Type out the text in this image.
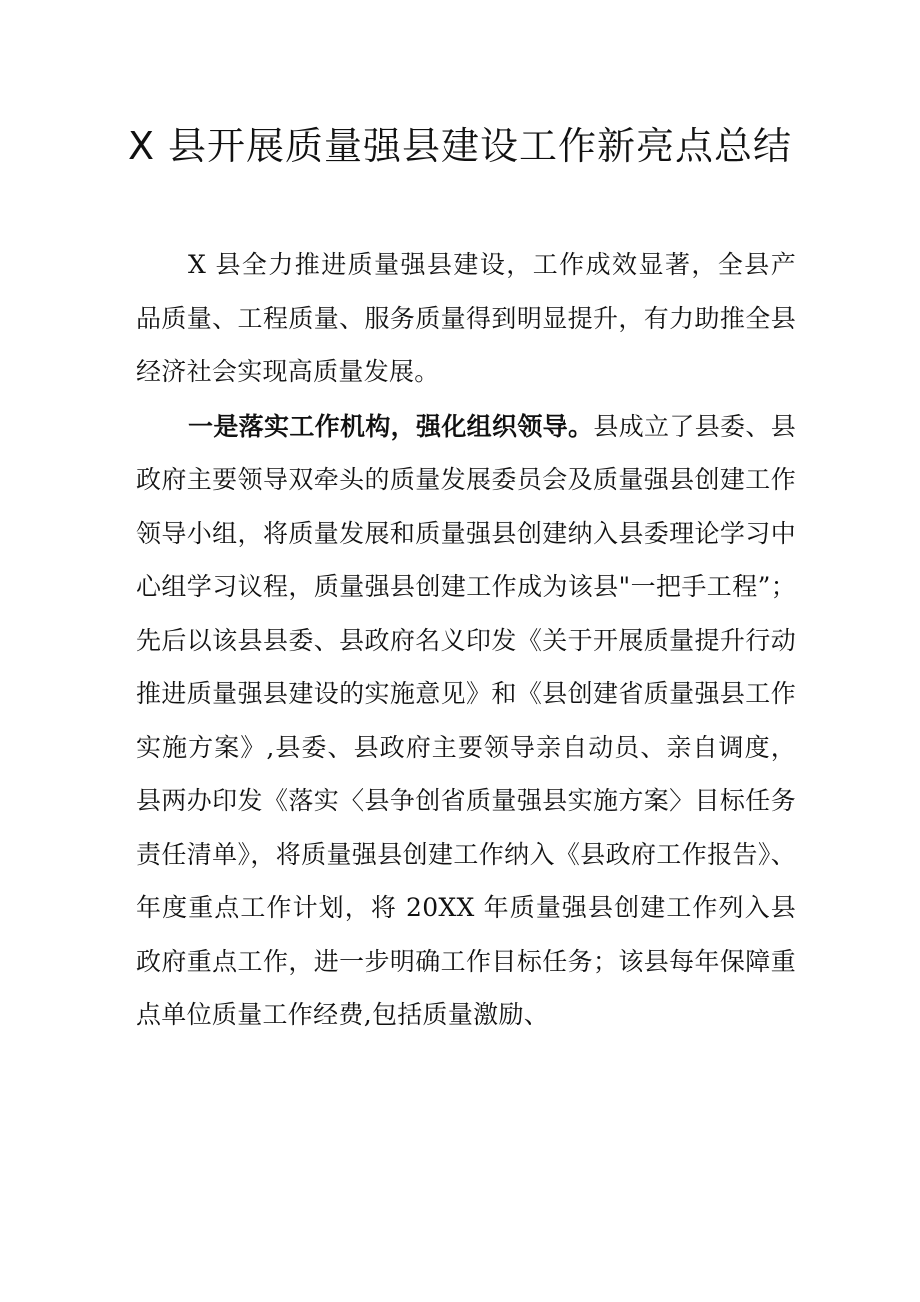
X 县开展质量强县建设工作新亮点总结

X 县全力推进质量强县建设，工作成效显著，全县产品质量、工程质量、服务质量得到明显提升，有力助推全县经济社会实现高质量发展。

一是落实工作机构，强化组织领导。县成立了县委、县政府主要领导双牵头的质量发展委员会及质量强县创建工作领导小组，将质量发展和质量强县创建纳入县委理论学习中心组学习议程，质量强县创建工作成为该县"一把手工程”；先后以该县县委、县政府名义印发《关于开展质量提升行动推进质量强县建设的实施意见》和《县创建省质量强县工作实施方案》,县委、县政府主要领导亲自动员、亲自调度，县两办印发《落实〈县争创省质量强县实施方案〉目标任务责任清单》，将质量强县创建工作纳入《县政府工作报告》、年度重点工作计划，将 20XX 年质量强县创建工作列入县政府重点工作，进一步明确工作目标任务；该县每年保障重点单位质量工作经费,包括质量激励、
